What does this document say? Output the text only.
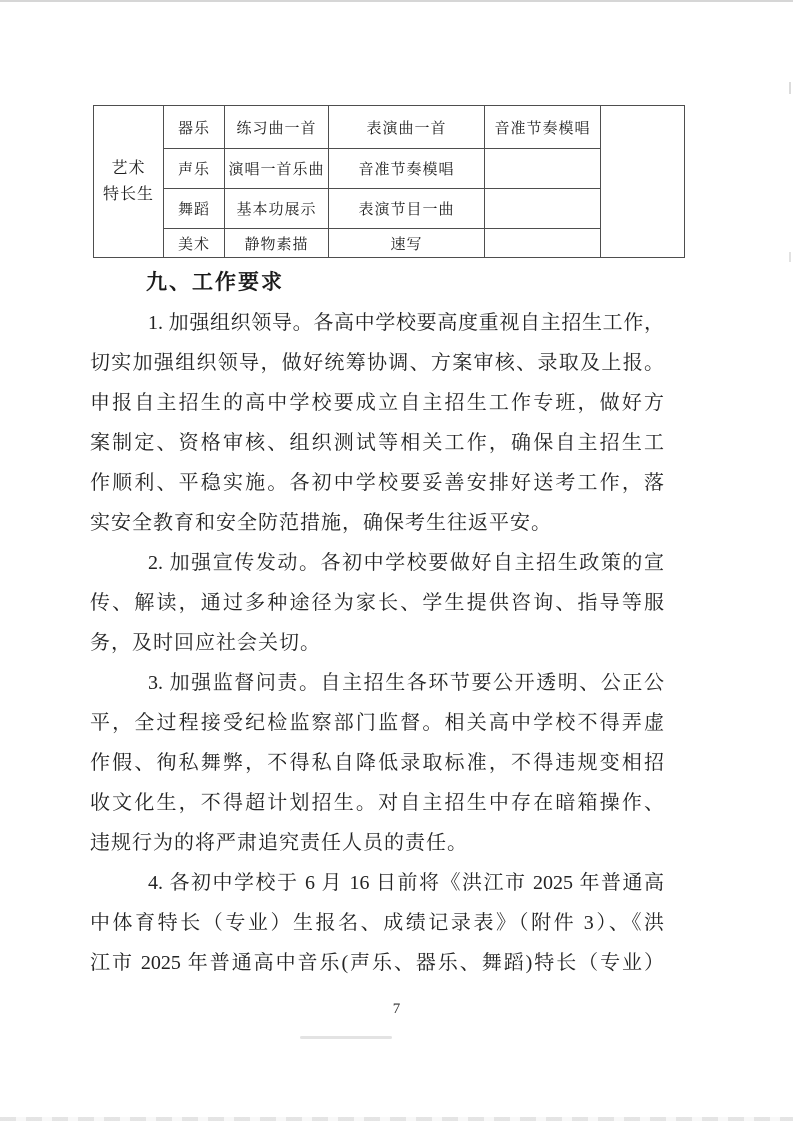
艺术
特长生	器乐	练习曲一首	表演曲一首	音准节奏模唱	
	声乐	演唱一首乐曲	音准节奏模唱		
	舞蹈	基本功展示	表演节目一曲		
	美术	静物素描	速写		
九、工作要求
1. 加强组织领导。各高中学校要高度重视自主招生工作，
切实加强组织领导，做好统筹协调、方案审核、录取及上报。
申报自主招生的高中学校要成立自主招生工作专班，做好方
案制定、资格审核、组织测试等相关工作，确保自主招生工
作顺利、平稳实施。各初中学校要妥善安排好送考工作，落
实安全教育和安全防范措施，确保考生往返平安。
2. 加强宣传发动。各初中学校要做好自主招生政策的宣
传、解读，通过多种途径为家长、学生提供咨询、指导等服
务，及时回应社会关切。
3. 加强监督问责。自主招生各环节要公开透明、公正公
平，全过程接受纪检监察部门监督。相关高中学校不得弄虚
作假、徇私舞弊，不得私自降低录取标准，不得违规变相招
收文化生，不得超计划招生。对自主招生中存在暗箱操作、
违规行为的将严肃追究责任人员的责任。
4. 各初中学校于 6 月 16 日前将《洪江市 2025 年普通高
中体育特长（专业）生报名、成绩记录表》（附件 3）、《洪
江市 2025 年普通高中音乐(声乐、器乐、舞蹈)特长（专业）
7
